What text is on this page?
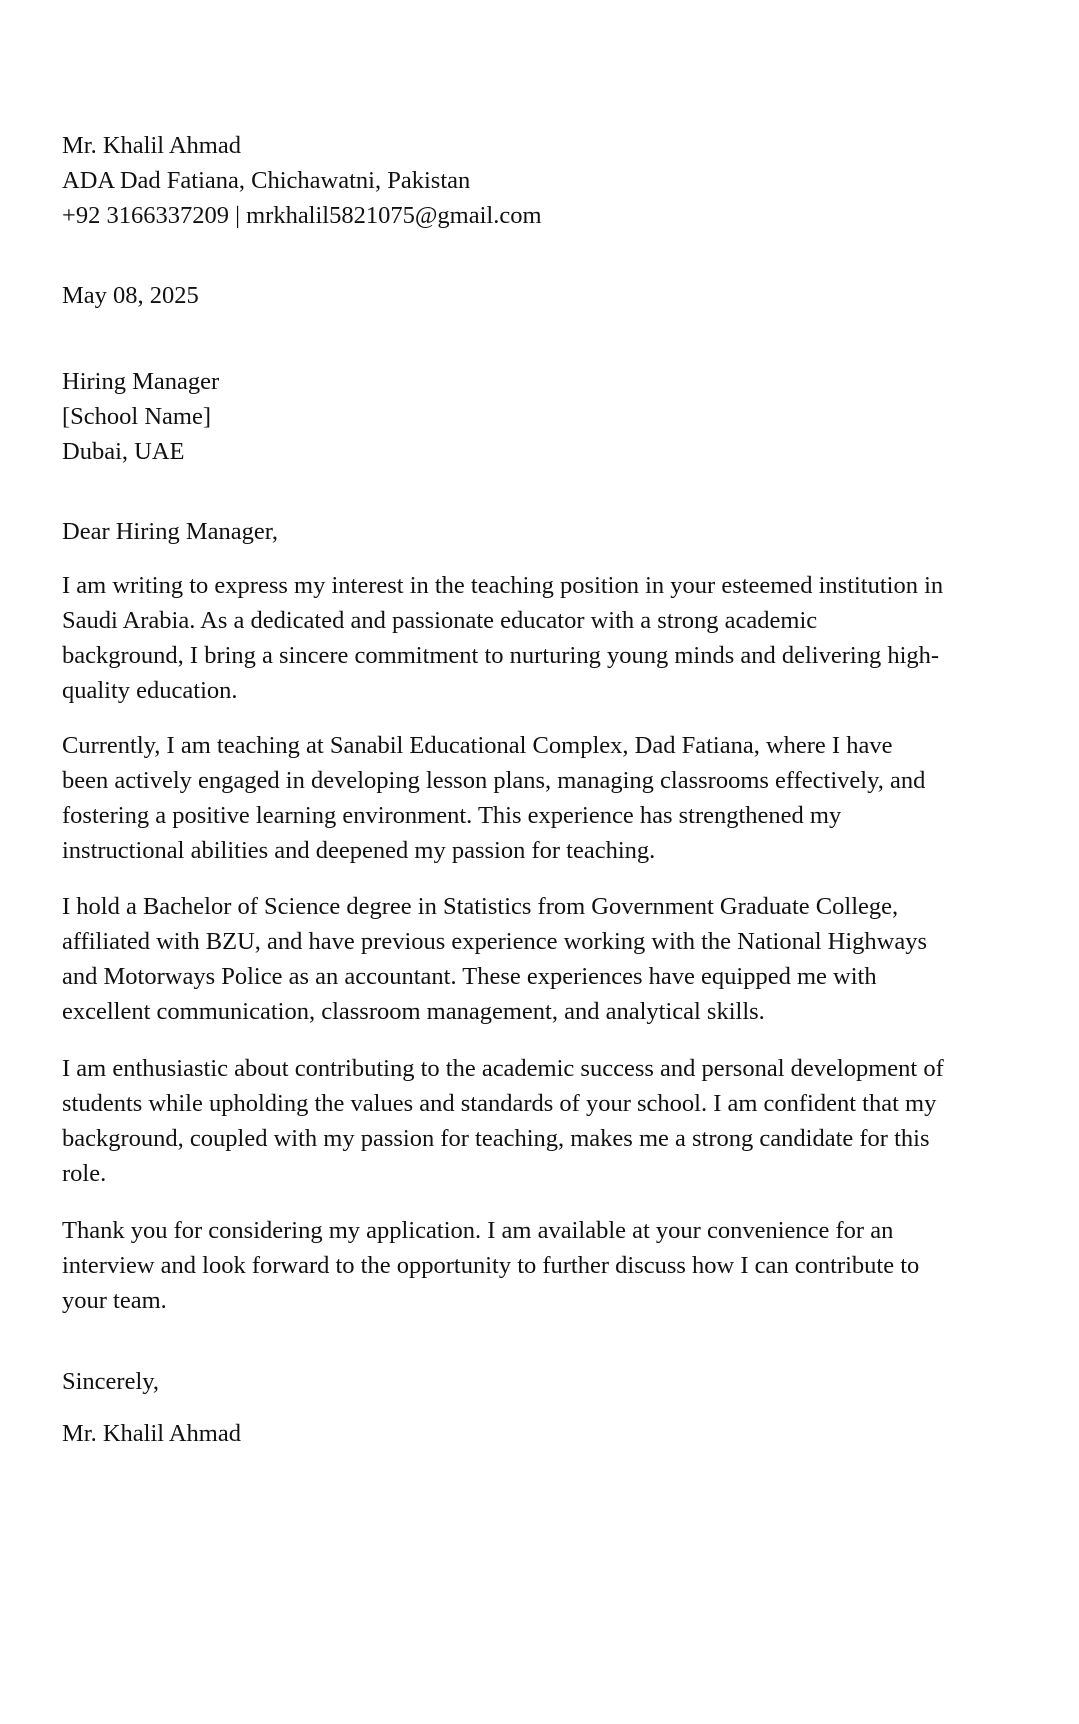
Mr. Khalil Ahmad
ADA Dad Fatiana, Chichawatni, Pakistan
+92 3166337209 | mrkhalil5821075@gmail.com
May 08, 2025
Hiring Manager
[School Name]
Dubai, UAE
Dear Hiring Manager,
I am writing to express my interest in the teaching position in your esteemed institution in
Saudi Arabia. As a dedicated and passionate educator with a strong academic
background, I bring a sincere commitment to nurturing young minds and delivering high-
quality education.
Currently, I am teaching at Sanabil Educational Complex, Dad Fatiana, where I have
been actively engaged in developing lesson plans, managing classrooms effectively, and
fostering a positive learning environment. This experience has strengthened my
instructional abilities and deepened my passion for teaching.
I hold a Bachelor of Science degree in Statistics from Government Graduate College,
affiliated with BZU, and have previous experience working with the National Highways
and Motorways Police as an accountant. These experiences have equipped me with
excellent communication, classroom management, and analytical skills.
I am enthusiastic about contributing to the academic success and personal development of
students while upholding the values and standards of your school. I am confident that my
background, coupled with my passion for teaching, makes me a strong candidate for this
role.
Thank you for considering my application. I am available at your convenience for an
interview and look forward to the opportunity to further discuss how I can contribute to
your team.
Sincerely,
Mr. Khalil Ahmad
